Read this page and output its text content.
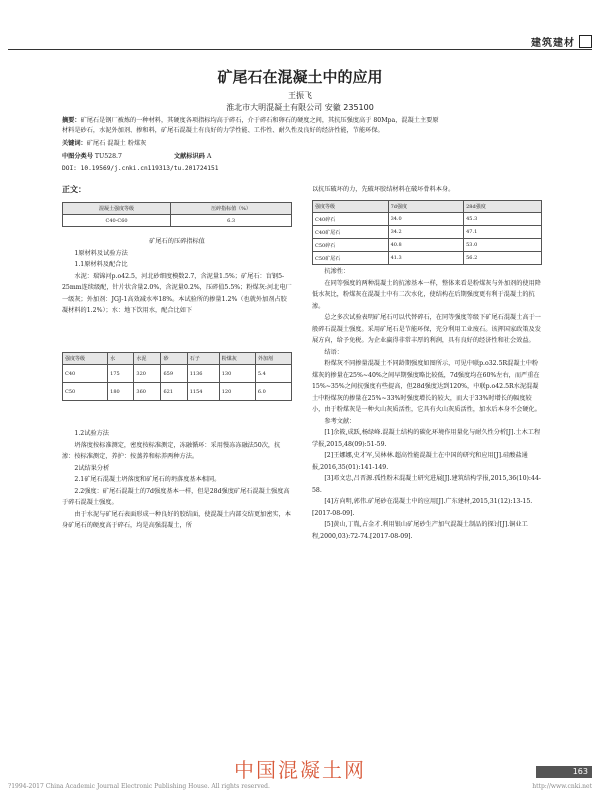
建筑建材
矿尾石在混凝土中的应用
王振飞
淮北市大明混凝土有限公司 安徽 235100
摘要：矿尾石是钢厂被炼的一种材料，其硬度各项指标均高于碎石，介于碎石和卵石的硬度之间，其抗压强度高于 80Mpa，混凝土主要原
材料是砂石，水泥外加剂、掺和料，矿尾石混凝土有良好的力学性能、工作性、耐久性及良好的经济性能，节能环保。
关键词：矿尾石 混凝土 粉煤灰
中图分类号 TU528.7	文献标识码 A
DOI: 10.19569/j.cnki.cn119313/tu.201724151
正文：
混凝土强度等级	压碎指标值（%）
C40-C60	6.3

矿尾石的压碎指标值

1原材料及试验方法

1.1原材料及配合比

水泥：瑞锦河p.o42.5，河北砂细度模数2.7，含泥量1.5%；矿尾石：盲钢5-25mm连续级配，针片状含量2.0%，含泥量0.2%，压碎值5.5%；粉煤灰:河北电厂一级灰；外加剂：JGJ-1高效减水率18%。本试验所的掺量1.2%（也就外加剂占胶凝材料的1.2%）；水：地下饮用水，配合比如下

强度等级	水	水泥	砂	石子	粉煤灰	外加剂
C40	175	320	659	1136	130	5.4
C50	180	360	621	1154	120	6.0

1.2试验方法

坍落度按标准测定，密度按标准测定，冻融循环：采用慢冻冻融法50次，抗渗：按标准测定，养护：按蒸养和标养两种方法。

2试结果分析

2.1矿尾石混凝土坍落度和矿尾石的坍落度基本相同。

2.2强度：矿尾石混凝土的7d强度基本一样，但是28d强度矿尾石混凝土强度高于碎石混凝土强度。

由于水泥与矿尾石表面形成一种良好的胶结面，使混凝土内部交结更加密实，本身矿尾石的硬度高于碎石，均是高强混凝土，所

以抗压破坏的力，先破坏胶结材料在破坏骨料本身。

强度等级	7d强度	28d强度
C40碎石	34.0	45.3
C40矿尾石	34.2	47.1
C50碎石	40.8	53.0
C50矿尾石	41.3	56.2

抗渗性：

在同等强度的两种混凝土的抗渗基本一样，整体来看是粉煤灰与外加剂的使用降低水灰比，粉煤灰在混凝土中有二次水化，使结构在后期强度更有利于混凝土的抗渗。

总之多次试验表明矿尾石可以代替碎石，在同等强度等级下矿尾石混凝土高于一般碎石混凝土强度。采用矿尾石是节能环保，充分利用工业废石。该挥国家政策及发展方向，给予免税。为企业赢得非常丰厚的利润，具有良好的经济性和社会效益。

结语：

粉煤灰不同掺量混凝土不同龄期强度如图所示，可见中联p.o32.5R混凝土中粉煤灰的掺量在25%~40%之间早期强度略比较低，7d强度均在60%左右，而严重在15%~35%之间抗强度有些提高，但28d强度达到120%，中联p.o42.5R水泥混凝土中粉煤灰的掺量在25%~33%时强度增长的较大，而大于33%时增长的幅度较小，由于粉煤灰是一种火山灰质活性，它具有火山灰质活性，加水后本身不会硬化。

参考文献：

[1]余筱,成跃,杨绿峰.混凝土结构的碳化环境作用量化与耐久性分析[J].土木工程学报,2015,48(09):51-59.

[2]王娜娜,史才军,吴林林.超高性能混凝土在中国的研究和应用[J].硅酸盐通报,2016,35(01):141-149.

[3]邓文忠,吕晋源.孤性粉末混凝土研究进展[J].建筑结构学报,2015,36(10):44-58.

[4]方向明,郭伟.矿尾砂在混凝土中的应用[J].广东建材,2015,31(12):13-15.[2017-08-09].

[5]黄山,丁胤,占金才.利用银山矿尾砂生产加气混凝土制品的探讨[J].铜业工程,2000,03):72-74.[2017-08-09].

中国混凝土网	163
?1994-2017 China Academic Journal Electronic Publishing House. All rights reserved.	http://www.cnki.net
